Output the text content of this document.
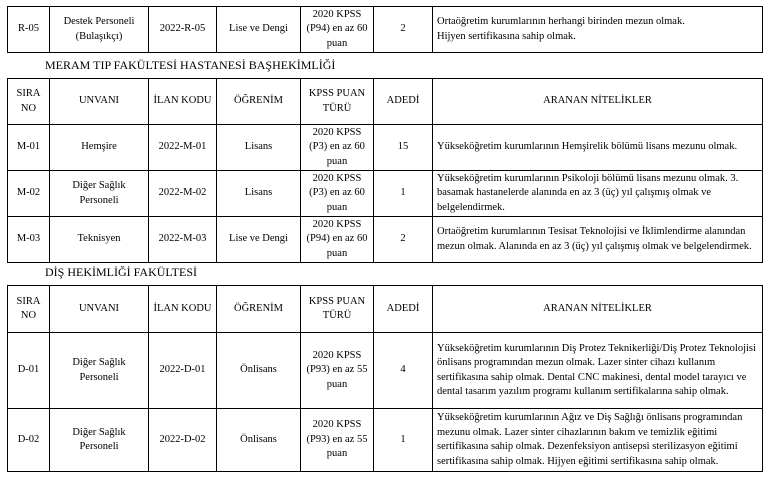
MERAM TIP FAKÜLTESİ HASTANESİ BAŞHEKİMLİĞİ
DİŞ HEKİMLİĞİ FAKÜLTESİ
R-05	Destek Personeli (Bulaşıkçı)	2022-R-05	Lise ve Dengi	2020 KPSS (P94) en az 60 puan	2	Ortaöğretim kurumlarının herhangi birinden mezun olmak.
Hijyen sertifikasına sahip olmak.
SIRA NO	UNVANI	İLAN KODU	ÖĞRENİM	KPSS PUAN TÜRÜ	ADEDİ	ARANAN NİTELİKLER
M-01	Hemşire	2022-M-01	Lisans	2020 KPSS (P3) en az 60 puan	15	Yükseköğretim kurumlarının Hemşirelik bölümü lisans mezunu olmak.
M-02	Diğer Sağlık Personeli	2022-M-02	Lisans	2020 KPSS (P3) en az 60 puan	1	Yükseköğretim kurumlarının Psikoloji bölümü lisans mezunu olmak. 3. basamak hastanelerde alanında en az 3 (üç) yıl çalışmış olmak ve belgelendirmek.
M-03	Teknisyen	2022-M-03	Lise ve Dengi	2020 KPSS (P94) en az 60 puan	2	Ortaöğretim kurumlarının Tesisat Teknolojisi ve İklimlendirme alanından mezun olmak. Alanında en az 3 (üç) yıl çalışmış olmak ve belgelendirmek.
SIRA NO	UNVANI	İLAN KODU	ÖĞRENİM	KPSS PUAN TÜRÜ	ADEDİ	ARANAN NİTELİKLER
D-01	Diğer Sağlık Personeli	2022-D-01	Önlisans	2020 KPSS (P93) en az 55 puan	4	Yükseköğretim kurumlarının Diş Protez Teknikerliği/Diş Protez Teknolojisi önlisans programından mezun olmak. Lazer sinter cihazı kullanım sertifikasına sahip olmak. Dental CNC makinesi, dental model tarayıcı ve dental tasarım yazılım programı kullanım sertifikalarına sahip olmak.
D-02	Diğer Sağlık Personeli	2022-D-02	Önlisans	2020 KPSS (P93) en az 55 puan	1	Yükseköğretim kurumlarının Ağız ve Diş Sağlığı önlisans programından mezunu olmak. Lazer sinter cihazlarının bakım ve temizlik eğitimi sertifikasına sahip olmak. Dezenfeksiyon antisepsi sterilizasyon eğitimi sertifikasına sahip olmak. Hijyen eğitimi sertifikasına sahip olmak.
